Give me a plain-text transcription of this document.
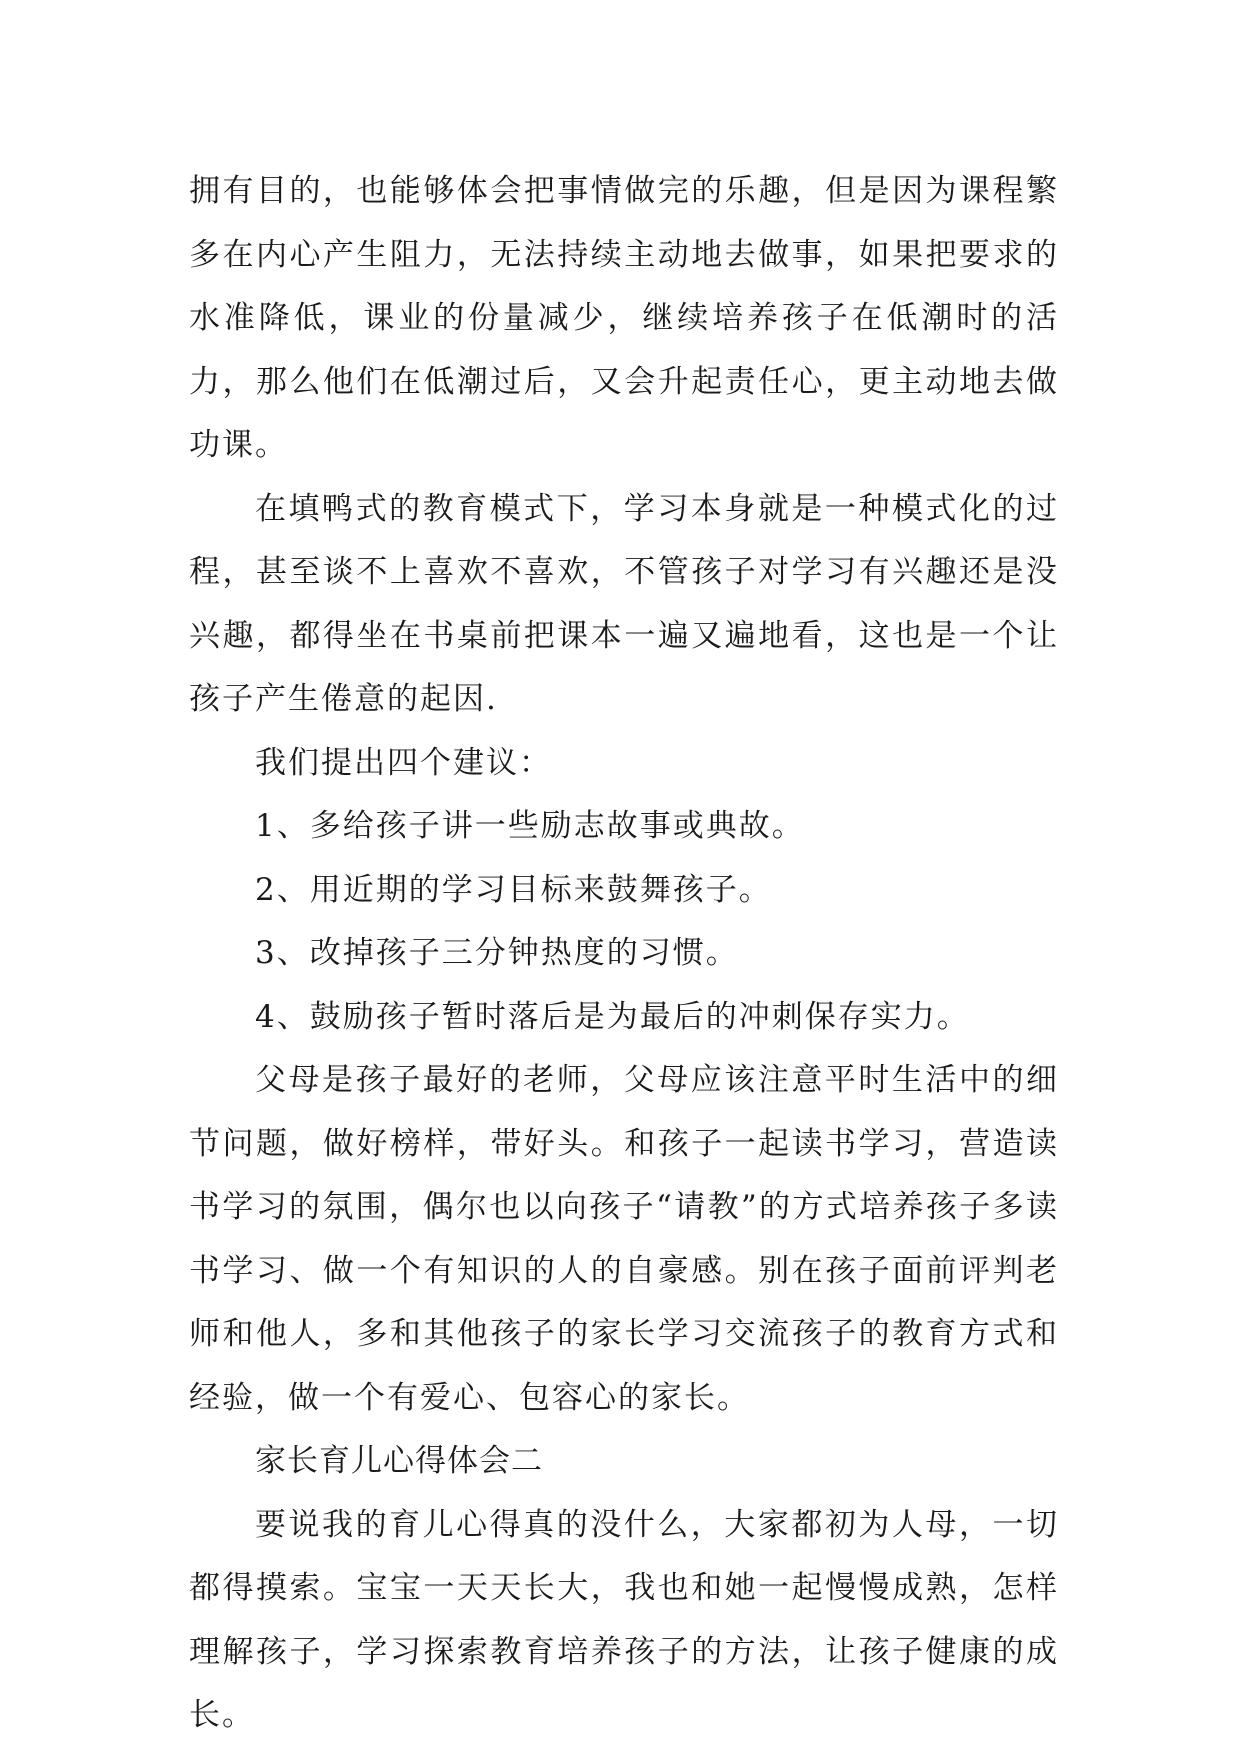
拥有目的，也能够体会把事情做完的乐趣，但是因为课程繁多在内心产生阻力，无法持续主动地去做事，如果把要求的水准降低，课业的份量减少，继续培养孩子在低潮时的活力，那么他们在低潮过后，又会升起责任心，更主动地去做功课。

在填鸭式的教育模式下，学习本身就是一种模式化的过程，甚至谈不上喜欢不喜欢，不管孩子对学习有兴趣还是没兴趣，都得坐在书桌前把课本一遍又遍地看，这也是一个让孩子产生倦意的起因.

我们提出四个建议：

1、多给孩子讲一些励志故事或典故。

2、用近期的学习目标来鼓舞孩子。

3、改掉孩子三分钟热度的习惯。

4、鼓励孩子暂时落后是为最后的冲刺保存实力。

父母是孩子最好的老师，父母应该注意平时生活中的细节问题，做好榜样，带好头。和孩子一起读书学习，营造读书学习的氛围，偶尔也以向孩子“请教”的方式培养孩子多读书学习、做一个有知识的人的自豪感。别在孩子面前评判老师和他人，多和其他孩子的家长学习交流孩子的教育方式和经验，做一个有爱心、包容心的家长。

家长育儿心得体会二

要说我的育儿心得真的没什么，大家都初为人母，一切都得摸索。宝宝一天天长大，我也和她一起慢慢成熟，怎样理解孩子，学习探索教育培养孩子的方法，让孩子健康的成长。
